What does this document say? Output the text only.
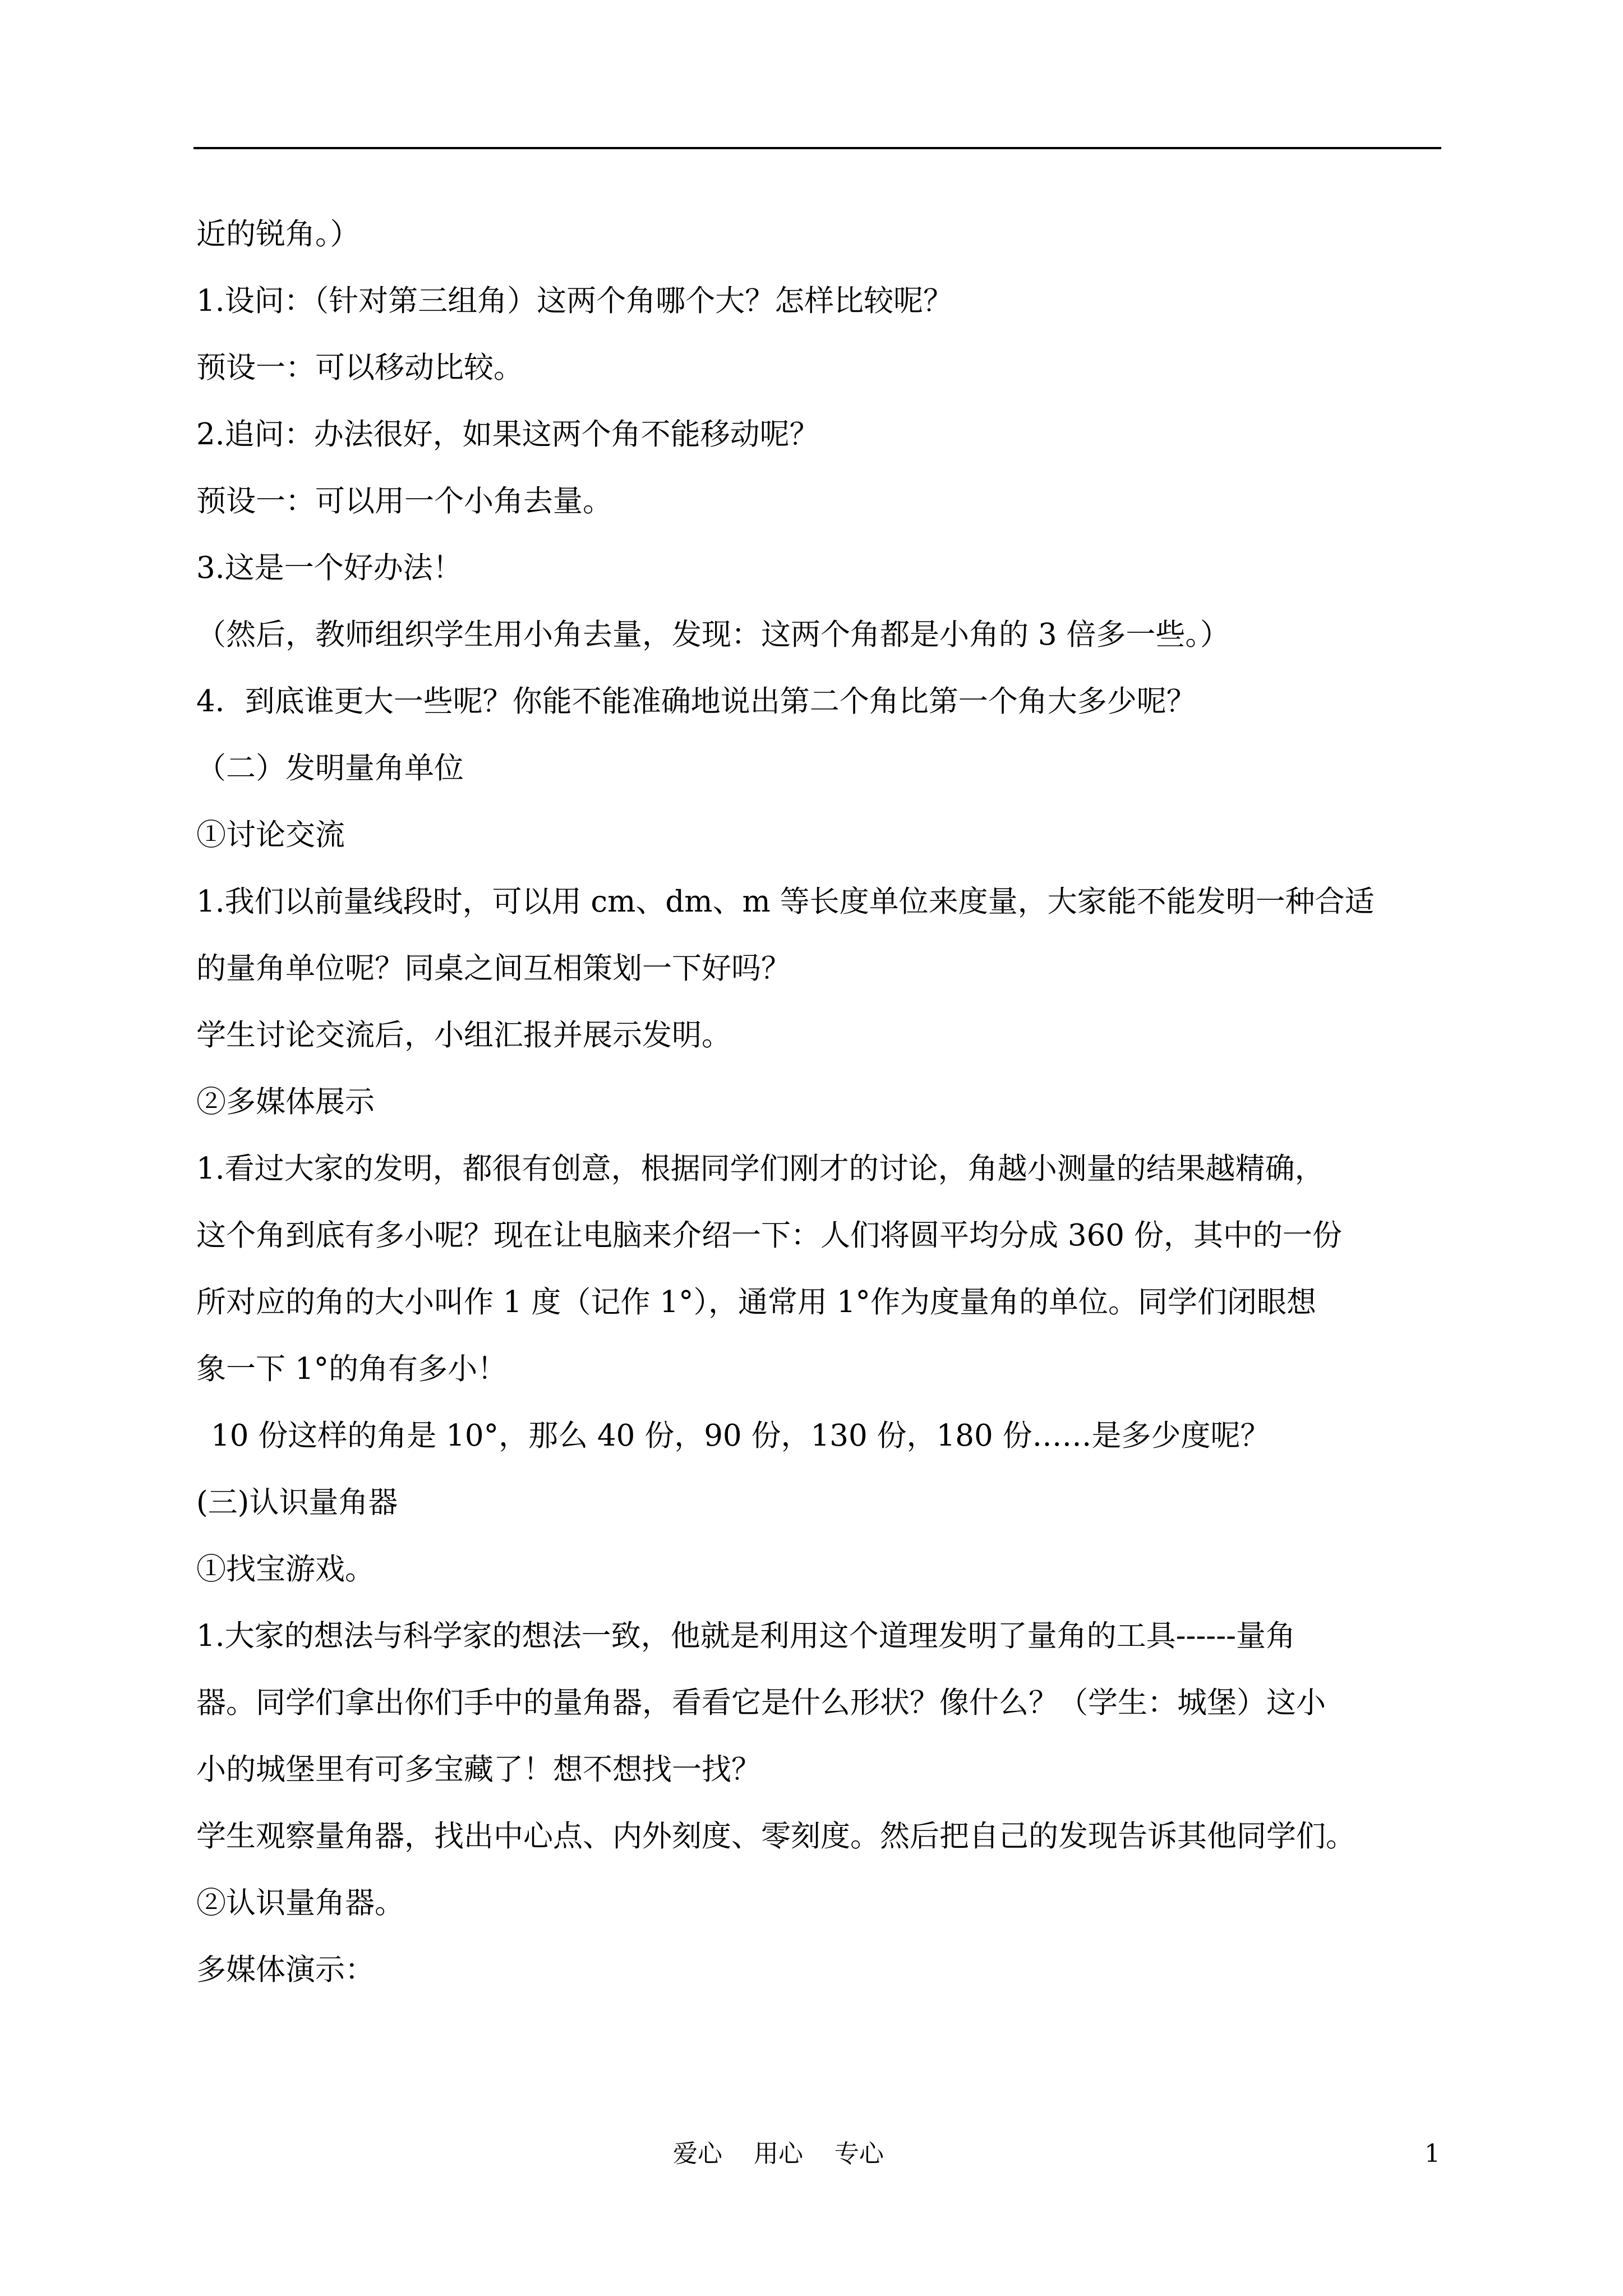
近的锐角。）
1.设问：（针对第三组角）这两个角哪个大？怎样比较呢？
预设一：可以移动比较。
2.追问：办法很好，如果这两个角不能移动呢？
预设一：可以用一个小角去量。
3.这是一个好办法！
（然后，教师组织学生用小角去量，发现：这两个角都是小角的 3 倍多一些。）
4．到底谁更大一些呢？你能不能准确地说出第二个角比第一个角大多少呢？
（二）发明量角单位
①讨论交流
1.我们以前量线段时，可以用 cm、dm、m 等长度单位来度量，大家能不能发明一种合适
的量角单位呢？同桌之间互相策划一下好吗？
学生讨论交流后，小组汇报并展示发明。
②多媒体展示
1.看过大家的发明，都很有创意，根据同学们刚才的讨论，角越小测量的结果越精确，
这个角到底有多小呢？现在让电脑来介绍一下：人们将圆平均分成 360 份，其中的一份
所对应的角的大小叫作 1 度（记作 1°），通常用 1°作为度量角的单位。同学们闭眼想
象一下 1°的角有多小！
10 份这样的角是 10°，那么 40 份，90 份，130 份，180 份……是多少度呢？
(三)认识量角器
①找宝游戏。
1.大家的想法与科学家的想法一致，他就是利用这个道理发明了量角的工具------量角
器。同学们拿出你们手中的量角器，看看它是什么形状？像什么？（学生：城堡）这小
小的城堡里有可多宝藏了！想不想找一找？
学生观察量角器，找出中心点、内外刻度、零刻度。然后把自己的发现告诉其他同学们。
②认识量角器。
多媒体演示：
爱心    用心    专心	1
